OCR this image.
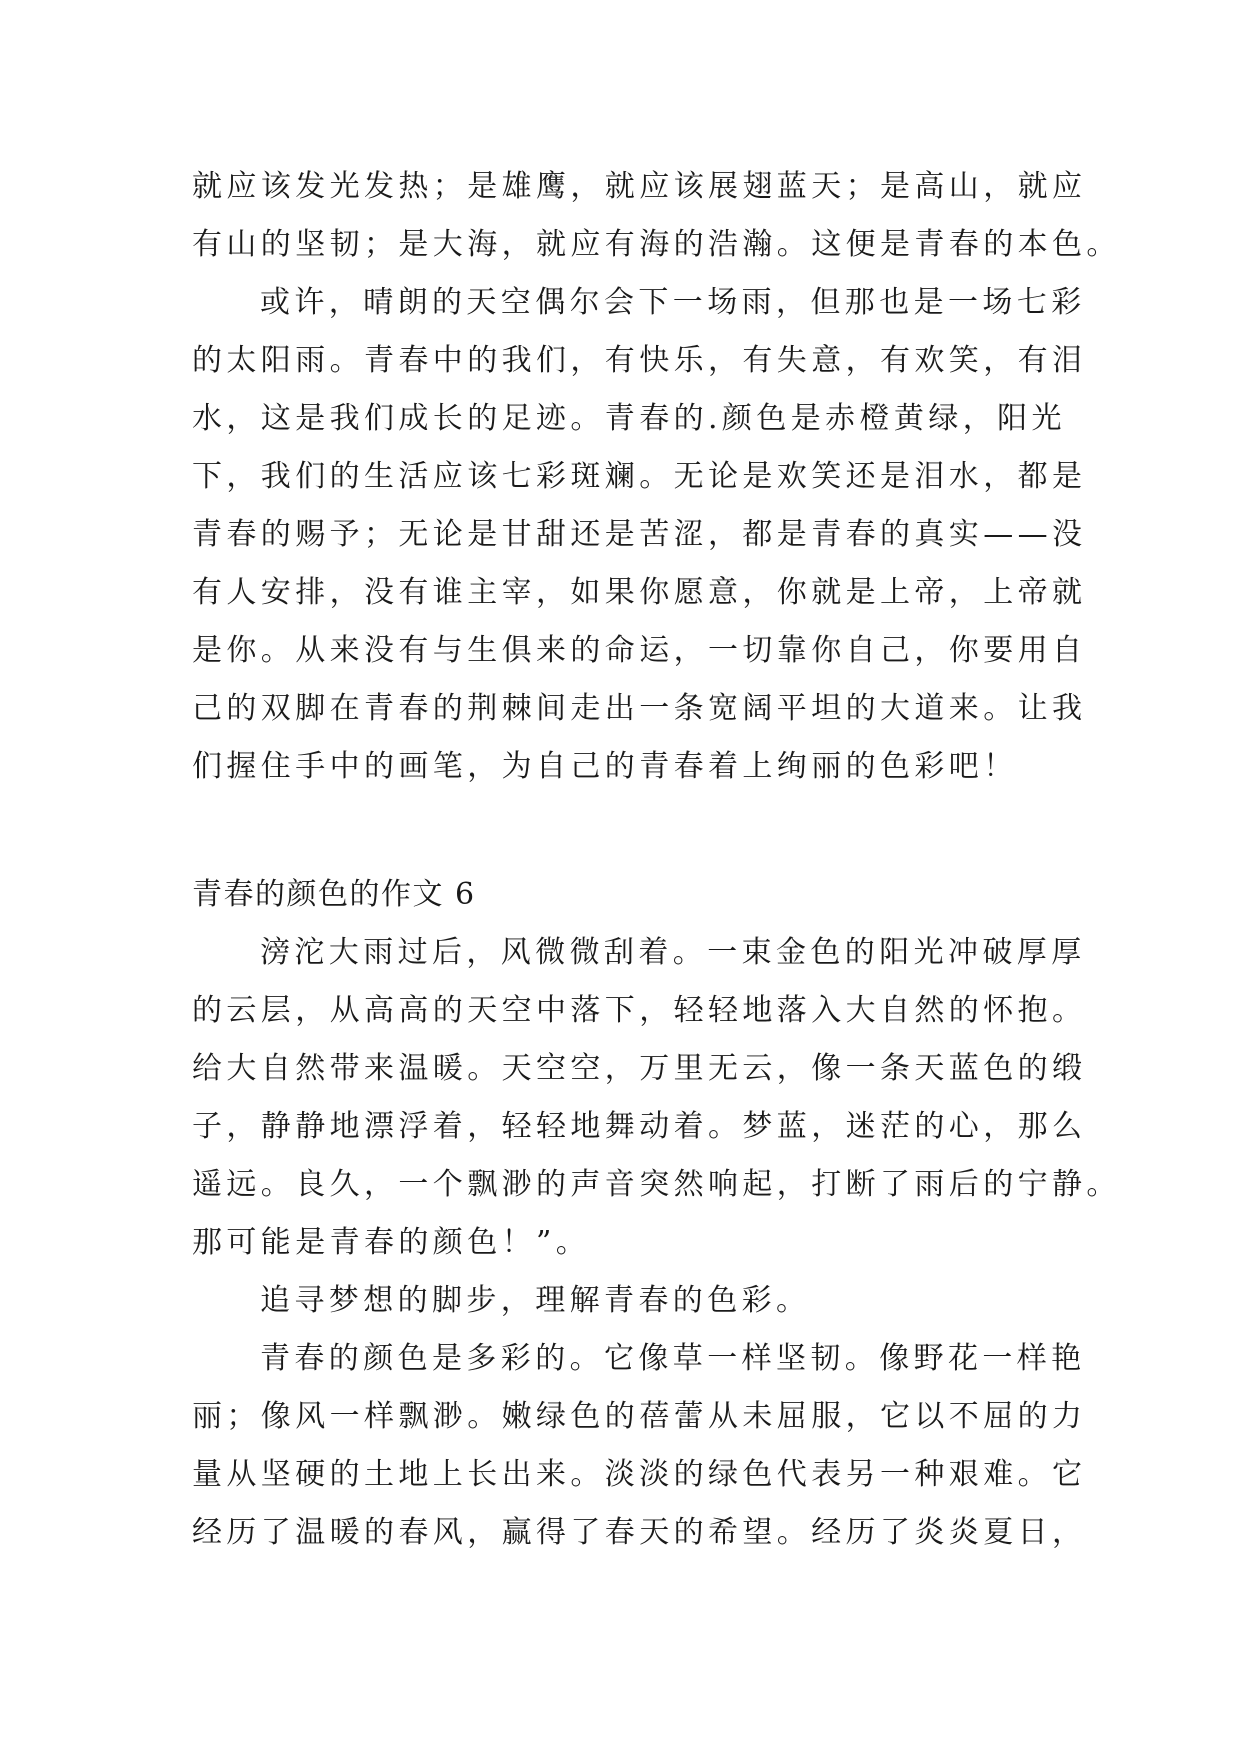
就应该发光发热；是雄鹰，就应该展翅蓝天；是高山，就应
有山的坚韧；是大海，就应有海的浩瀚。这便是青春的本色。
或许，晴朗的天空偶尔会下一场雨，但那也是一场七彩
的太阳雨。青春中的我们，有快乐，有失意，有欢笑，有泪
水，这是我们成长的足迹。青春的.颜色是赤橙黄绿，阳光
下，我们的生活应该七彩斑斓。无论是欢笑还是泪水，都是
青春的赐予；无论是甘甜还是苦涩，都是青春的真实——没
有人安排，没有谁主宰，如果你愿意，你就是上帝，上帝就
是你。从来没有与生俱来的命运，一切靠你自己，你要用自
己的双脚在青春的荆棘间走出一条宽阔平坦的大道来。让我
们握住手中的画笔，为自己的青春着上绚丽的色彩吧！
青春的颜色的作文 6
滂沱大雨过后，风微微刮着。一束金色的阳光冲破厚厚
的云层，从高高的天空中落下，轻轻地落入大自然的怀抱。
给大自然带来温暖。天空空，万里无云，像一条天蓝色的缎
子，静静地漂浮着，轻轻地舞动着。梦蓝，迷茫的心，那么
遥远。良久，一个飘渺的声音突然响起，打断了雨后的宁静。
那可能是青春的颜色！”。
追寻梦想的脚步，理解青春的色彩。
青春的颜色是多彩的。它像草一样坚韧。像野花一样艳
丽；像风一样飘渺。嫩绿色的蓓蕾从未屈服，它以不屈的力
量从坚硬的土地上长出来。淡淡的绿色代表另一种艰难。它
经历了温暖的春风，赢得了春天的希望。经历了炎炎夏日，
